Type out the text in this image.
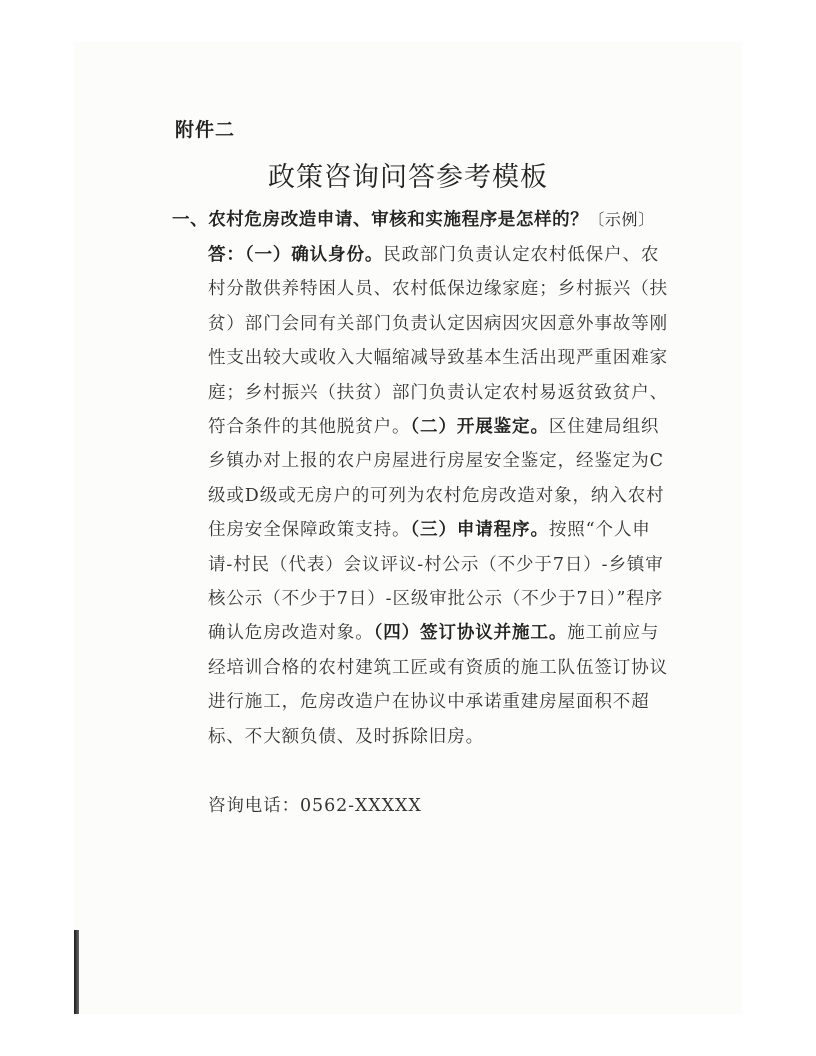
附件二
政策咨询问答参考模板
一、农村危房改造申请、审核和实施程序是怎样的？〔示例〕

答：（一）确认身份。民政部门负责认定农村低保户、农村分散供养特困人员、农村低保边缘家庭；乡村振兴（扶贫）部门会同有关部门负责认定因病因灾因意外事故等刚性支出较大或收入大幅缩减导致基本生活出现严重困难家庭；乡村振兴（扶贫）部门负责认定农村易返贫致贫户、符合条件的其他脱贫户。（二）开展鉴定。区住建局组织乡镇办对上报的农户房屋进行房屋安全鉴定，经鉴定为C级或D级或无房户的可列为农村危房改造对象，纳入农村住房安全保障政策支持。（三）申请程序。按照“个人申请-村民（代表）会议评议-村公示（不少于7日）-乡镇审核公示（不少于7日）-区级审批公示（不少于7日）”程序确认危房改造对象。（四）签订协议并施工。施工前应与经培训合格的农村建筑工匠或有资质的施工队伍签订协议进行施工，危房改造户在协议中承诺重建房屋面积不超标、不大额负债、及时拆除旧房。

咨询电话：0562-XXXXX
